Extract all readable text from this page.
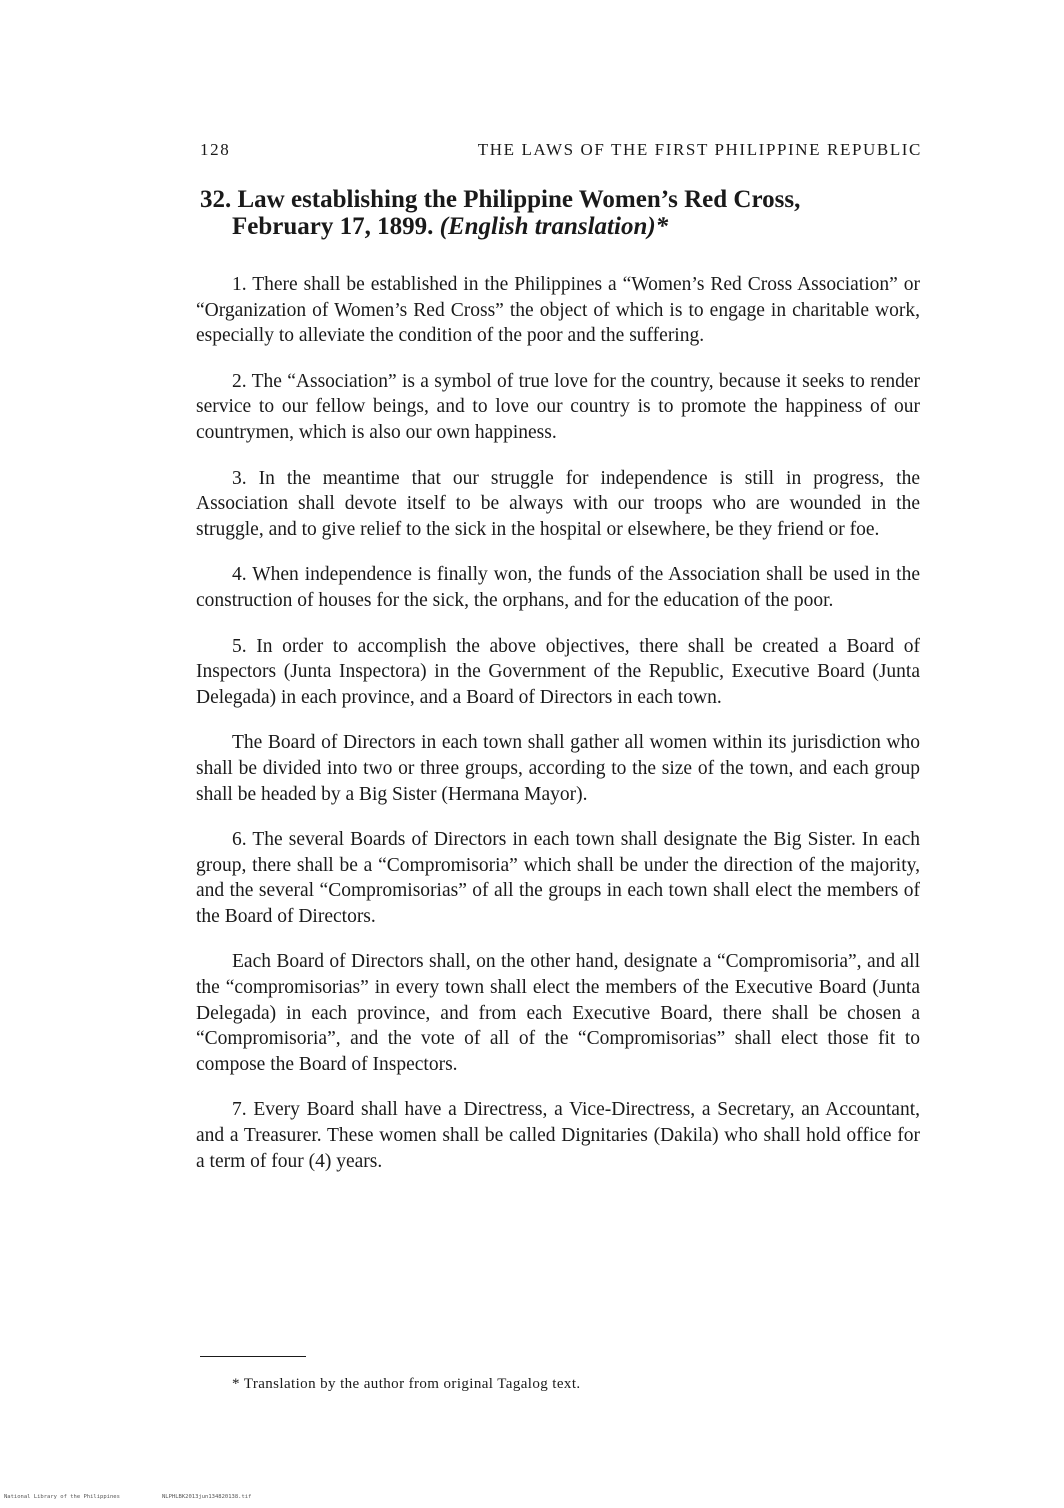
128	THE LAWS OF THE FIRST PHILIPPINE REPUBLIC
32. Law establishing the Philippine Women’s Red Cross,
February 17, 1899. (English translation)*

1. There shall be established in the Philippines a “Women’s Red Cross Association” or “Organization of Women’s Red Cross” the object of which is to engage in charitable work, especially to alleviate the condition of the poor and the suffering.

2. The “Association” is a symbol of true love for the country, because it seeks to render service to our fellow beings, and to love our country is to promote the happiness of our countrymen, which is also our own happiness.

3. In the meantime that our struggle for independence is still in progress, the Association shall devote itself to be always with our troops who are wounded in the struggle, and to give relief to the sick in the hospital or elsewhere, be they friend or foe.

4. When independence is finally won, the funds of the Association shall be used in the construction of houses for the sick, the orphans, and for the education of the poor.

5. In order to accomplish the above objectives, there shall be created a Board of Inspectors (Junta Inspectora) in the Government of the Republic, Executive Board (Junta Delegada) in each province, and a Board of Directors in each town.

The Board of Directors in each town shall gather all women within its jurisdiction who shall be divided into two or three groups, according to the size of the town, and each group shall be headed by a Big Sister (Hermana Mayor).

6. The several Boards of Directors in each town shall designate the Big Sister. In each group, there shall be a “Compromisoria” which shall be under the direction of the majority, and the several “Compromisorias” of all the groups in each town shall elect the members of the Board of Directors.

Each Board of Directors shall, on the other hand, designate a “Compromisoria”, and all the “compromisorias” in every town shall elect the members of the Executive Board (Junta Delegada) in each province, and from each Executive Board, there shall be chosen a “Compromisoria”, and the vote of all of the “Compromisorias” shall elect those fit to compose the Board of Inspectors.

7. Every Board shall have a Directress, a Vice-Directress, a Secretary, an Accountant, and a Treasurer. These women shall be called Dignitaries (Dakila) who shall hold office for a term of four (4) years.

* Translation by the author from original Tagalog text.
National Library of the Philippines	NLPHLBK2013jun134820138.tif
